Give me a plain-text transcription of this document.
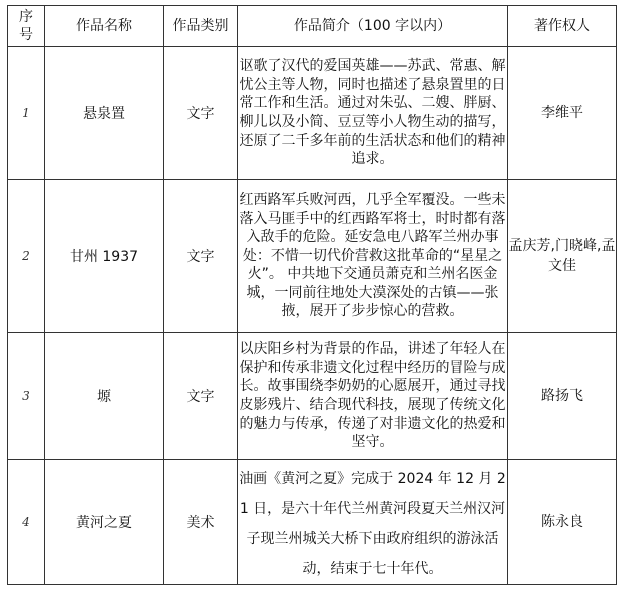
序号	作品名称	作品类别	作品简介（100 字以内）	著作权人
1	悬泉置	文字	讴歌了汉代的爱国英雄——苏武、常惠、解忧公主等人物，同时也描述了悬泉置里的日常工作和生活。通过对朱弘、二嫂、胖厨、柳儿以及小简、豆豆等小人物生动的描写，还原了二千多年前的生活状态和他们的精神追求。	李维平
2	甘州 1937	文字	红西路军兵败河西，几乎全军覆没。一些未落入马匪手中的红西路军将士，时时都有落入敌手的危险。延安急电八路军兰州办事处：不惜一切代价营救这批革命的“星星之火”。 中共地下交通员萧克和兰州名医金城，一同前往地处大漠深处的古镇——张掖，展开了步步惊心的营救。	孟庆芳,门晓峰,孟文佳
3	塬	文字	以庆阳乡村为背景的作品，讲述了年轻人在保护和传承非遗文化过程中经历的冒险与成长。故事围绕李奶奶的心愿展开，通过寻找皮影残片、结合现代科技，展现了传统文化的魅力与传承，传递了对非遗文化的热爱和坚守。	路扬飞
4	黄河之夏	美术	油画《黄河之夏》完成于 2024 年 12 月 21 日，是六十年代兰州黄河段夏天兰州汉河子现兰州城关大桥下由政府组织的游泳活动，结束于七十年代。	陈永良
